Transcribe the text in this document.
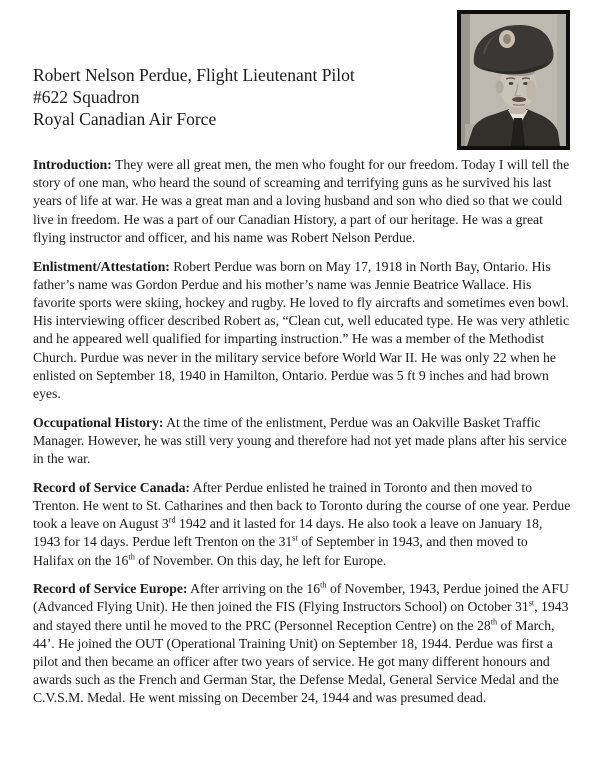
Robert Nelson Perdue, Flight Lieutenant Pilot
#622 Squadron
Royal Canadian Air Force

Introduction: They were all great men, the men who fought for our freedom. Today I will tell the story of one man, who heard the sound of screaming and terrifying guns as he survived his last years of life at war. He was a great man and a loving husband and son who died so that we could live in freedom. He was a part of our Canadian History, a part of our heritage. He was a great flying instructor and officer, and his name was Robert Nelson Perdue.

Enlistment/Attestation: Robert Perdue was born on May 17, 1918 in North Bay, Ontario. His father’s name was Gordon Perdue and his mother’s name was Jennie Beatrice Wallace. His favorite sports were skiing, hockey and rugby. He loved to fly aircrafts and sometimes even bowl. His interviewing officer described Robert as, “Clean cut, well educated type. He was very athletic and he appeared well qualified for imparting instruction.” He was a member of the Methodist Church. Purdue was never in the military service before World War II. He was only 22 when he enlisted on September 18, 1940 in Hamilton, Ontario. Perdue was 5 ft 9 inches and had brown eyes.

Occupational History: At the time of the enlistment, Perdue was an Oakville Basket Traffic Manager. However, he was still very young and therefore had not yet made plans after his service in the war.

Record of Service Canada: After Perdue enlisted he trained in Toronto and then moved to Trenton. He went to St. Catharines and then back to Toronto during the course of one year. Perdue took a leave on August 3rd 1942 and it lasted for 14 days. He also took a leave on January 18, 1943 for 14 days. Perdue left Trenton on the 31st of September in 1943, and then moved to Halifax on the 16th of November. On this day, he left for Europe.

Record of Service Europe: After arriving on the 16th of November, 1943, Perdue joined the AFU (Advanced Flying Unit). He then joined the FIS (Flying Instructors School) on October 31st, 1943 and stayed there until he moved to the PRC (Personnel Reception Centre) on the 28th of March, 44’. He joined the OUT (Operational Training Unit) on September 18, 1944. Perdue was first a pilot and then became an officer after two years of service. He got many different honours and awards such as the French and German Star, the Defense Medal, General Service Medal and the C.V.S.M. Medal. He went missing on December 24, 1944 and was presumed dead.
